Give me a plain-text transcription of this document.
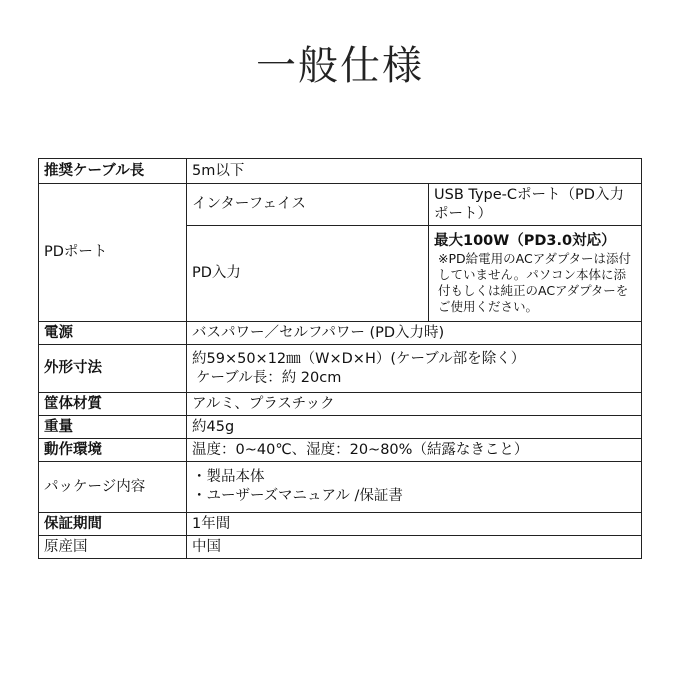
一般仕様
推奨ケーブル長	5m以下	
PDポート	インターフェイス	USB Type-Cポート（PD入力ポート）
	PD入力	最大100W（PD3.0対応）
※PD給電用のACアダプターは添付していません。パソコン本体に添付もしくは純正のACアダプターをご使用ください。

電源	バスパワー／セルフパワー (PD入力時)	
外形寸法	約59×50×12㎜（W×D×H）(ケーブル部を除く）
ケーブル長：約 20cm	

筐体材質	アルミ、プラスチック	
重量	約45g	
動作環境	温度：0~40℃、湿度：20~80%（結露なきこと）	
パッケージ内容	・製品本体
・ユーザーズマニュアル /保証書	

保証期間	1年間	
原産国	中国	
